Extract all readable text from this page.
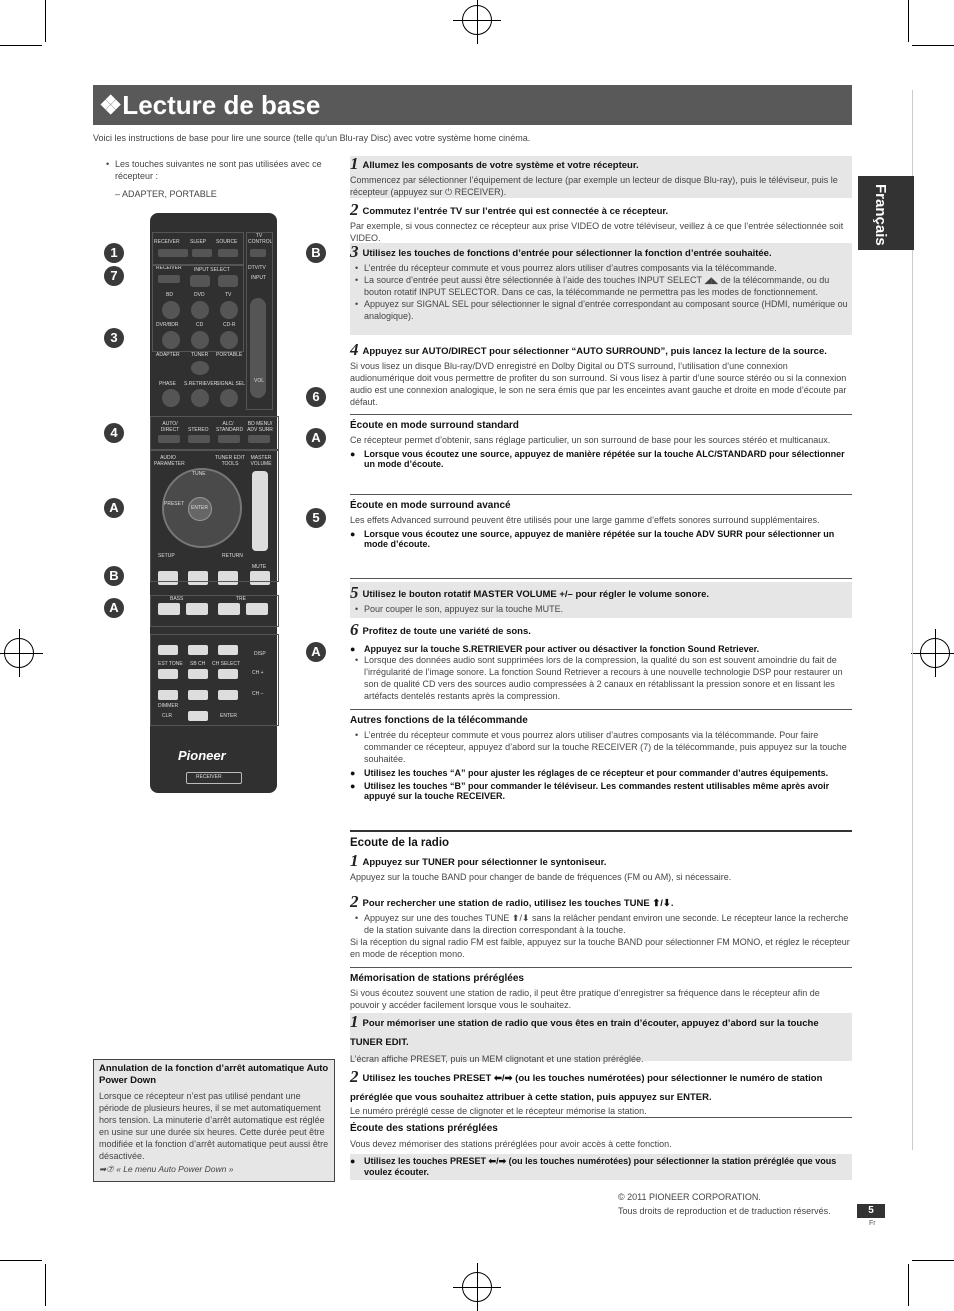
❖Lecture de base
Voici les instructions de base pour lire une source (telle qu’un Blu-ray Disc) avec votre système home cinéma.
Français
• Les touches suivantes ne sont pas utilisées avec ce récepteur :
– ADAPTER, PORTABLE
RECEIVER SLEEP SOURCE
TV CONTROL
RECEIVER INPUT SELECT	DTV/TV
INPUT
BD	DVD	TV
DVR/BDR	CD	CD-R
ADAPTER TUNER PORTABLE
VOL
PHASE S.RETRIEVER
SIGNAL SEL
AUTO/ DIRECT	STEREO
ALC/ STANDARD
BD MENU/ ADV SURR
AUDIO PARAMETER
TUNER EDIT TOOLS
MASTER VOLUME
TUNE
PRESET
ENTER
SETUP	RETURN
MUTE
BASS	TRE
EST TONE SB CH CH SELECT
DISP
CH +
CH –
DIMMER
CLR	ENTER
Pioneer
RECEIVER
1
7
3
4
A
B
A
B
6
A
5
A
Annulation de la fonction d’arrêt automatique Auto Power Down
Lorsque ce récepteur n’est pas utilisé pendant une période de plusieurs heures, il se met automatiquement hors tension. La minuterie d’arrêt automatique est réglée en usine sur une durée six heures. Cette durée peut être modifiée et la fonction d’arrêt automatique peut aussi être désactivée.
➡⑦ « Le menu Auto Power Down »
1 Allumez les composants de votre système et votre récepteur.
Commencez par sélectionner l’équipement de lecture (par exemple un lecteur de disque Blu-ray), puis le téléviseur, puis le récepteur (appuyez sur ⏻ RECEIVER).
2 Commutez l’entrée TV sur l’entrée qui est connectée à ce récepteur.
Par exemple, si vous connectez ce récepteur aux prise VIDEO de votre téléviseur, veillez à ce que l’entrée sélectionnée soit VIDEO.
3 Utilisez les touches de fonctions d’entrée pour sélectionner la fonction d’entrée souhaitée.
• L’entrée du récepteur commute et vous pourrez alors utiliser d’autres composants via la télécommande.
• La source d’entrée peut aussi être sélectionnée à l’aide des touches INPUT SELECT ◢◣ de la télécommande, ou du bouton rotatif INPUT SELECTOR. Dans ce cas, la télécommande ne permettra pas les modes de fonctionnement.
• Appuyez sur SIGNAL SEL pour sélectionner le signal d’entrée correspondant au composant source (HDMI, numérique ou analogique).
4 Appuyez sur AUTO/DIRECT pour sélectionner “AUTO SURROUND”, puis lancez la lecture de la source.
Si vous lisez un disque Blu-ray/DVD enregistré en Dolby Digital ou DTS surround, l’utilisation d’une connexion audionumérique doit vous permettre de profiter du son surround. Si vous lisez à partir d’une source stéréo ou si la connexion audio est une connexion analogique, le son ne sera émis que par les enceintes avant gauche et droite en mode d’écoute par défaut.
Écoute en mode surround standard
Ce récepteur permet d’obtenir, sans réglage particulier, un son surround de base pour les sources stéréo et multicanaux.
● Lorsque vous écoutez une source, appuyez de manière répétée sur la touche ALC/STANDARD pour sélectionner un mode d’écoute.
Écoute en mode surround avancé
Les effets Advanced surround peuvent être utilisés pour une large gamme d’effets sonores surround supplémentaires.
● Lorsque vous écoutez une source, appuyez de manière répétée sur la touche ADV SURR pour sélectionner un mode d’écoute.
5 Utilisez le bouton rotatif MASTER VOLUME +/– pour régler le volume sonore.
• Pour couper le son, appuyez sur la touche MUTE.
6 Profitez de toute une variété de sons.
● Appuyez sur la touche S.RETRIEVER pour activer ou désactiver la fonction Sound Retriever.
• Lorsque des données audio sont supprimées lors de la compression, la qualité du son est souvent amoindrie du fait de l’irrégularité de l’image sonore. La fonction Sound Retriever a recours à une nouvelle technologie DSP pour restaurer un son de qualité CD vers des sources audio compressées à 2 canaux en rétablissant la pression sonore et en lissant les artéfacts dentelés restants après la compression.
Autres fonctions de la télécommande
• L’entrée du récepteur commute et vous pourrez alors utiliser d’autres composants via la télécommande. Pour faire commander ce récepteur, appuyez d’abord sur la touche RECEIVER (7) de la télécommande, puis appuyez sur la touche souhaitée.
● Utilisez les touches “A” pour ajuster les réglages de ce récepteur et pour commander d’autres équipements.
● Utilisez les touches “B” pour commander le téléviseur. Les commandes restent utilisables même après avoir appuyé sur la touche RECEIVER.
Ecoute de la radio
1 Appuyez sur TUNER pour sélectionner le syntoniseur.
Appuyez sur la touche BAND pour changer de bande de fréquences (FM ou AM), si nécessaire.
2 Pour rechercher une station de radio, utilisez les touches TUNE ⬆/⬇.
• Appuyez sur une des touches TUNE ⬆/⬇ sans la relâcher pendant environ une seconde. Le récepteur lance la recherche de la station suivante dans la direction correspondant à la touche.
Si la réception du signal radio FM est faible, appuyez sur la touche BAND pour sélectionner FM MONO, et réglez le récepteur en mode de réception mono.
Mémorisation de stations préréglées
Si vous écoutez souvent une station de radio, il peut être pratique d’enregistrer sa fréquence dans le récepteur afin de pouvoir y accéder facilement lorsque vous le souhaitez.
1 Pour mémoriser une station de radio que vous êtes en train d’écouter, appuyez d’abord sur la touche TUNER EDIT.
L’écran affiche PRESET, puis un MEM clignotant et une station préréglée.
2 Utilisez les touches PRESET ⬅/➡ (ou les touches numérotées) pour sélectionner le numéro de station préréglée que vous souhaitez attribuer à cette station, puis appuyez sur ENTER.
Le numéro préréglé cesse de clignoter et le récepteur mémorise la station.
Écoute des stations préréglées
Vous devez mémoriser des stations préréglées pour avoir accès à cette fonction.
● Utilisez les touches PRESET ⬅/➡ (ou les touches numérotées) pour sélectionner la station préréglée que vous voulez écouter.
© 2011 PIONEER CORPORATION.
Tous droits de reproduction et de traduction réservés.	5
Fr
